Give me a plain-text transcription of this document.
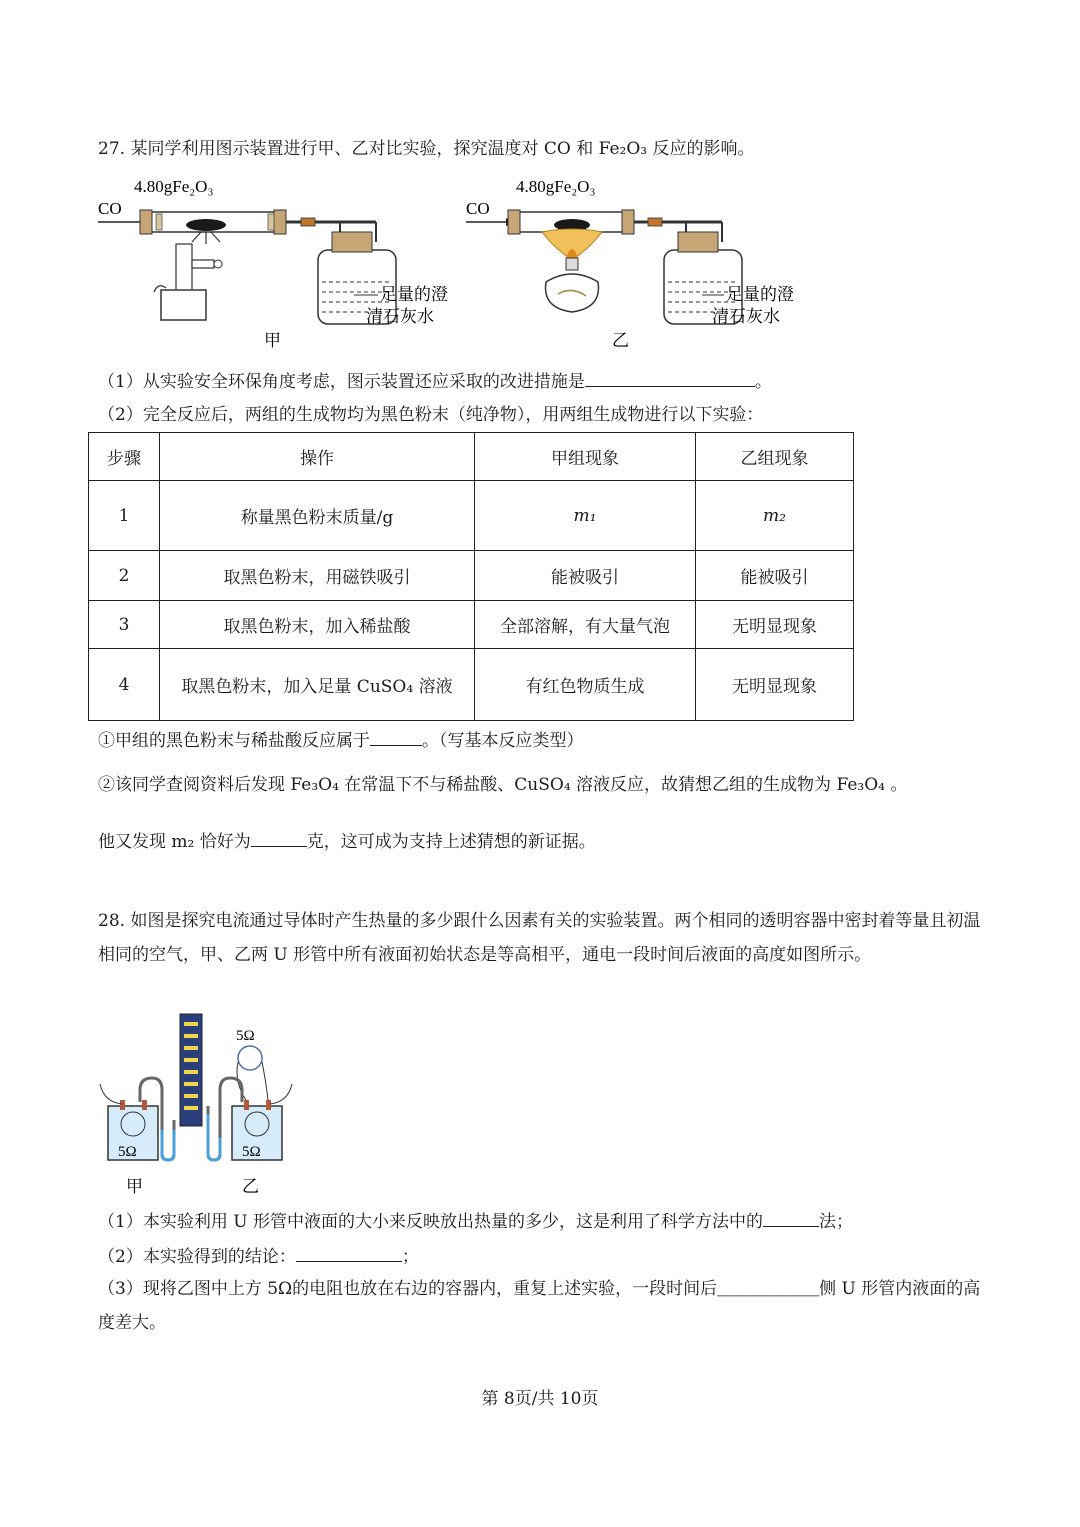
27. 某同学利用图示装置进行甲、乙对比实验，探究温度对 CO 和 Fe₂O₃ 反应的影响。
4.80gFe₂O₃
CO
足量的澄
清石灰水
甲
4.80gFe₂O₃
CO
足量的澄
清石灰水
乙
（1）从实验安全环保角度考虑，图示装置还应采取的改进措施是	。
（2）完全反应后，两组的生成物均为黑色粉末（纯净物），用两组生成物进行以下实验：
步骤	操作	甲组现象	乙组现象
1	称量黑色粉末质量/g	m₁	m₂
2	取黑色粉末，用磁铁吸引	能被吸引	能被吸引
3	取黑色粉末，加入稀盐酸	全部溶解，有大量气泡	无明显现象
4	取黑色粉末，加入足量 CuSO₄ 溶液	有红色物质生成	无明显现象
①甲组的黑色粉末与稀盐酸反应属于	。（写基本反应类型）
②该同学查阅资料后发现 Fe₃O₄ 在常温下不与稀盐酸、CuSO₄ 溶液反应，故猜想乙组的生成物为 Fe₃O₄ 。
他又发现 m₂ 恰好为	克，这可成为支持上述猜想的新证据。
28. 如图是探究电流通过导体时产生热量的多少跟什么因素有关的实验装置。两个相同的透明容器中密封着等量且初温相同的空气，甲、乙两 U 形管中所有液面初始状态是等高相平，通电一段时间后液面的高度如图所示。
5Ω	5Ω
5Ω
甲	乙
（1）本实验利用 U 形管中液面的大小来反映放出热量的多少，这是利用了科学方法中的	法；
（2）本实验得到的结论：	；
（3）现将乙图中上方 5Ω的电阻也放在右边的容器内，重复上述实验，一段时间后＿＿＿＿＿＿侧 U 形管内液面的高度差大。
第 8页/共 10页
